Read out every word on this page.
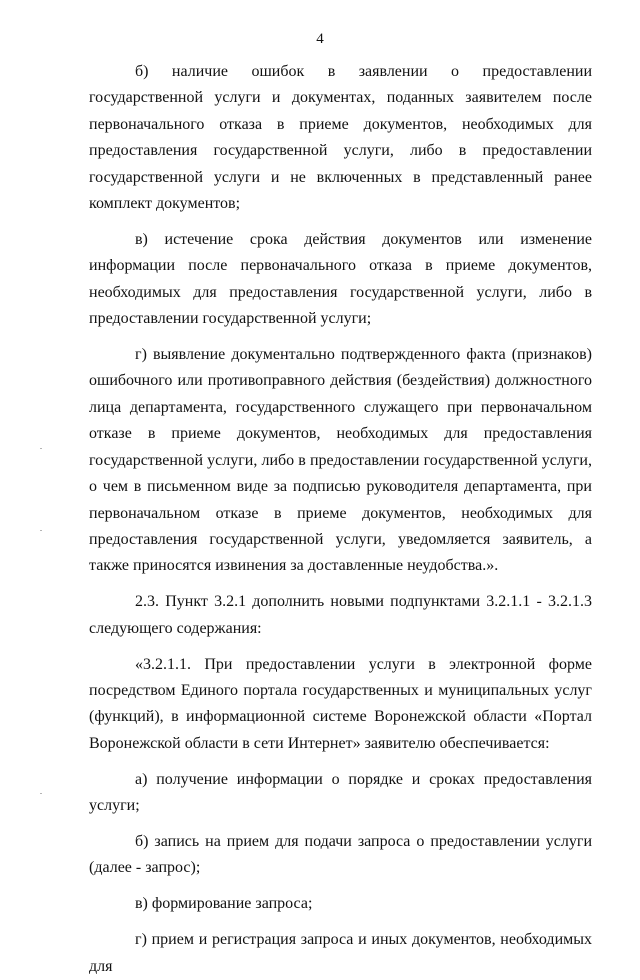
4

б) наличие ошибок в заявлении о предоставлении государственной услуги и документах, поданных заявителем после первоначального отказа в приеме документов, необходимых для предоставления государственной услуги, либо в предоставлении государственной услуги и не включенных в представленный ранее комплект документов;

в) истечение срока действия документов или изменение информации после первоначального отказа в приеме документов, необходимых для предоставления государственной услуги, либо в предоставлении государственной услуги;

г) выявление документально подтвержденного факта (признаков) ошибочного или противоправного действия (бездействия) должностного лица департамента, государственного служащего при первоначальном отказе в приеме документов, необходимых для предоставления государственной услуги, либо в предоставлении государственной услуги, о чем в письменном виде за подписью руководителя департамента, при первоначальном отказе в приеме документов, необходимых для предоставления государственной услуги, уведомляется заявитель, а также приносятся извинения за доставленные неудобства.».

2.3. Пункт 3.2.1 дополнить новыми подпунктами 3.2.1.1 - 3.2.1.3 следующего содержания:

«3.2.1.1. При предоставлении услуги в электронной форме посредством Единого портала государственных и муниципальных услуг (функций), в информационной системе Воронежской области «Портал Воронежской области в сети Интернет» заявителю обеспечивается:

а) получение информации о порядке и сроках предоставления услуги;

б) запись на прием для подачи запроса о предоставлении услуги (далее - запрос);

в) формирование запроса;

г) прием и регистрация запроса и иных документов, необходимых для
